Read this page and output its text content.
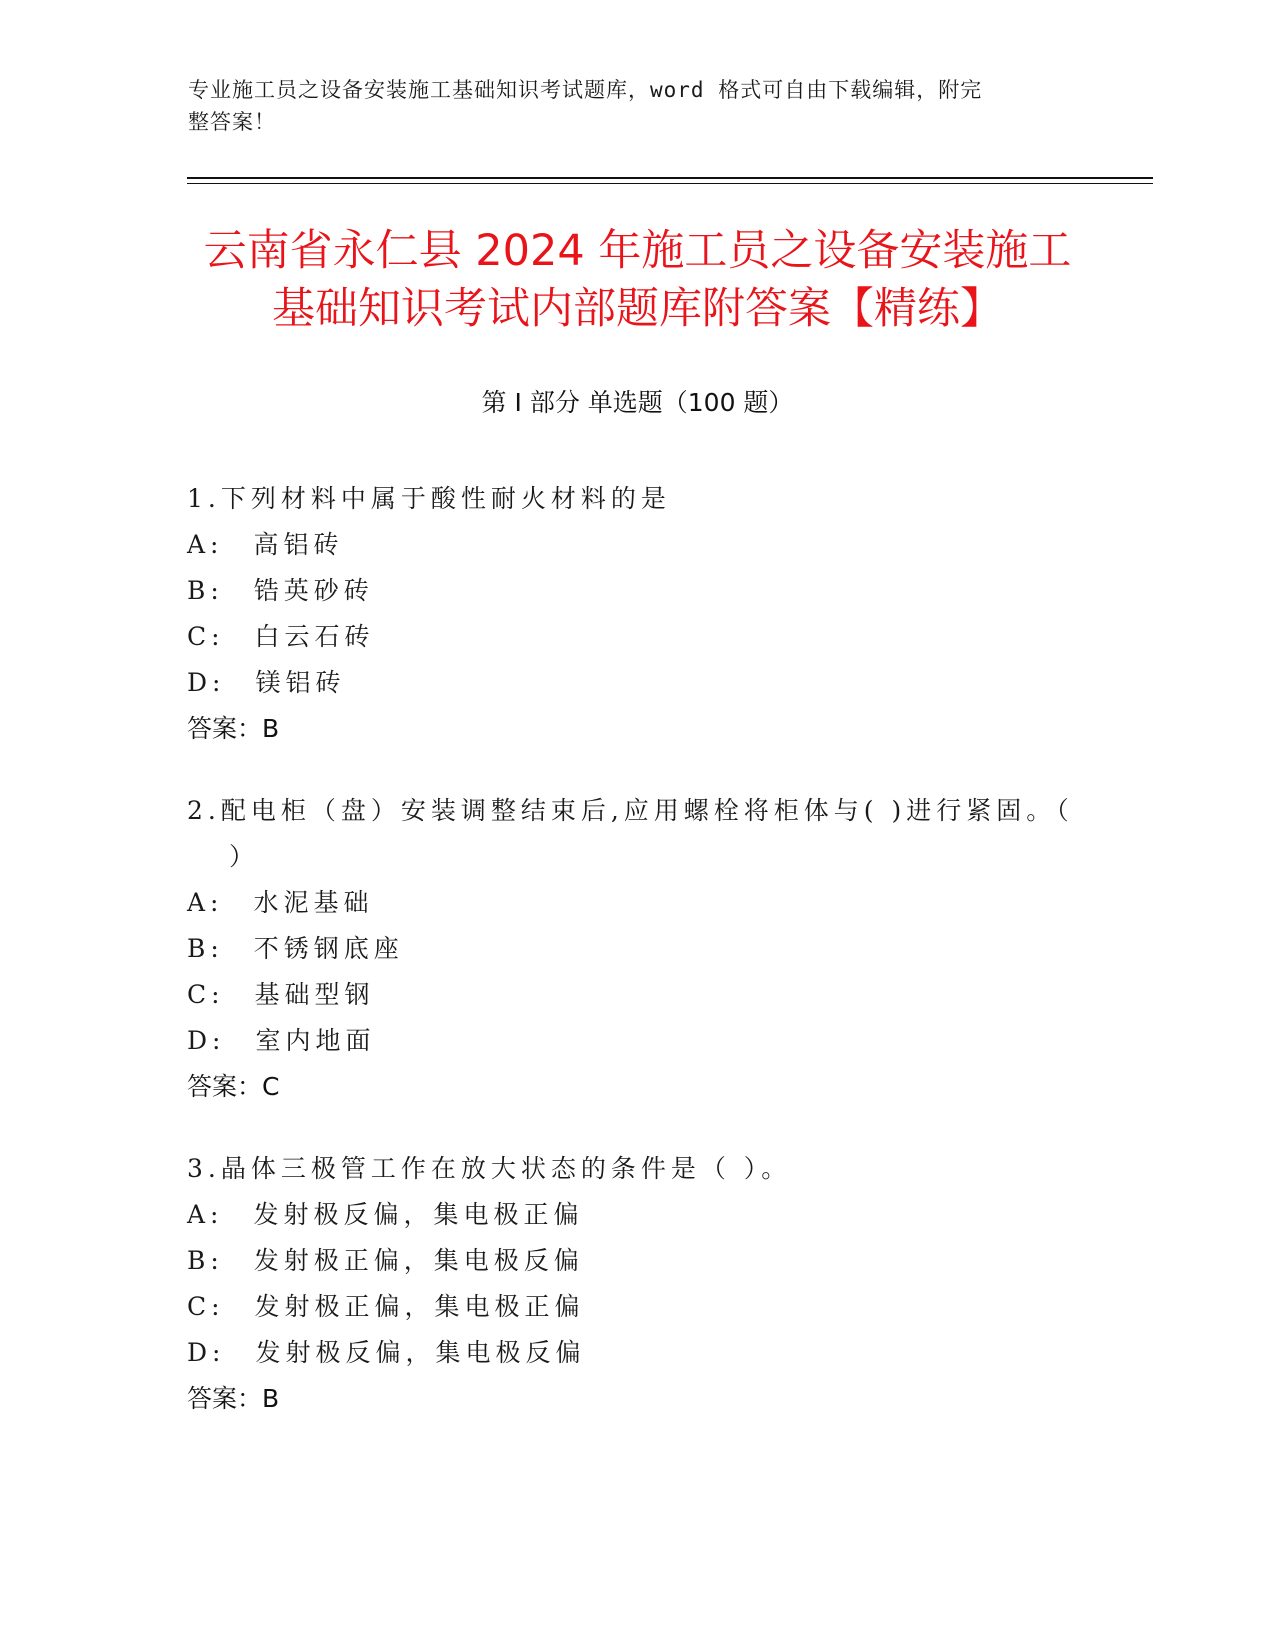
专业施工员之设备安装施工基础知识考试题库，word 格式可自由下载编辑，附完
整答案！
云南省永仁县 2024 年施工员之设备安装施工
基础知识考试内部题库附答案【精练】
第 I 部分 单选题（100 题）
1.下列材料中属于酸性耐火材料的是
A:　高铝砖
B:　锆英砂砖
C:　白云石砖
D:　镁铝砖
答案：B
2.配电柜（盘）安装调整结束后,应用螺栓将柜体与( )进行紧固。（
）
A:　水泥基础
B:　不锈钢底座
C:　基础型钢
D:　室内地面
答案：C
3.晶体三极管工作在放大状态的条件是（ ）。
A:　发射极反偏，集电极正偏
B:　发射极正偏，集电极反偏
C:　发射极正偏，集电极正偏
D:　发射极反偏，集电极反偏
答案：B
